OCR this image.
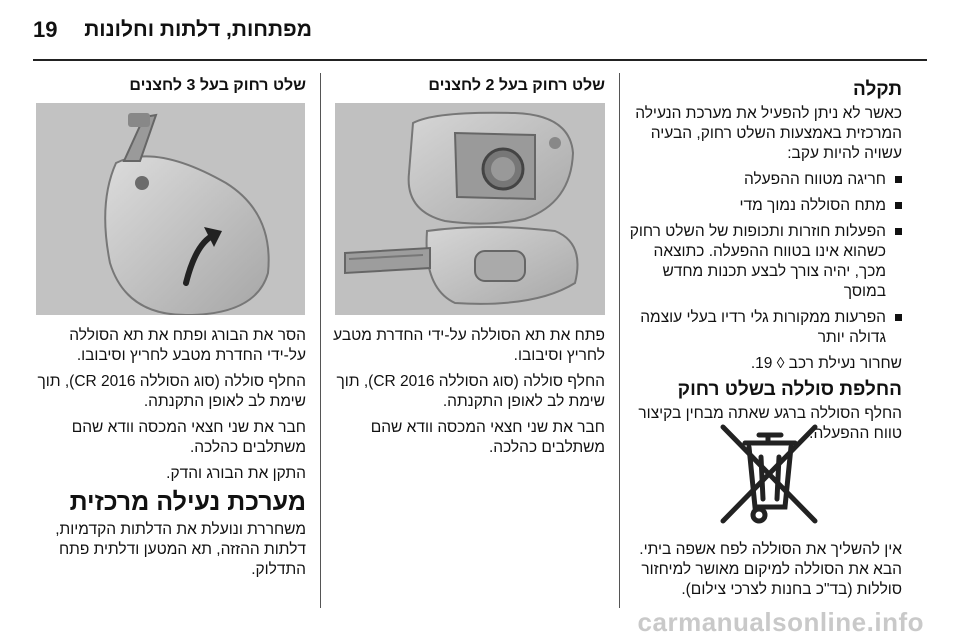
19 מפתחות, דלתות וחלונות
תקלה

כאשר לא ניתן להפעיל את מערכת הנעילה המרכזית באמצעות השלט רחוק, הבעיה עשויה להיות עקב:

חריגה מטווח ההפעלה
מתח הסוללה נמוך מדי
הפעלות חוזרות ותכופות של השלט רחוק כשהוא אינו בטווח ההפעלה. כתוצאה מכך, יהיה צורך לבצע תכנות מחדש במוסך
הפרעות ממקורות גלי רדיו בעלי עוצמה גדולה יותר

שחרור נעילת רכב ◊ 19.

החלפת סוללה בשלט רחוק

החלף הסוללה ברגע שאתה מבחין בקיצור טווח ההפעלה.

אין להשליך את הסוללה לפח אשפה ביתי. הבא את הסוללה למיקום מאושר למיחזור סוללות (בד"כ בחנות לצרכי צילום).

שלט רחוק בעל 2 לחצנים

פתח את תא הסוללה על-ידי החדרת מטבע לחריץ וסיבובו.

החלף סוללה (סוג הסוללה CR 2016), תוך שימת לב לאופן התקנתה.

חבר את שני חצאי המכסה וודא שהם משתלבים כהלכה.

שלט רחוק בעל 3 לחצנים

הסר את הבורג ופתח את תא הסוללה על-ידי החדרת מטבע לחריץ וסיבובו.

החלף סוללה (סוג הסוללה CR 2016), תוך שימת לב לאופן התקנתה.

חבר את שני חצאי המכסה וודא שהם משתלבים כהלכה.

התקן את הבורג והדק.

מערכת נעילה מרכזית

משחררת ונועלת את הדלתות הקדמיות, דלתות ההזזה, תא המטען ודלתית פתח התדלוק.

carmanualsonline.info
